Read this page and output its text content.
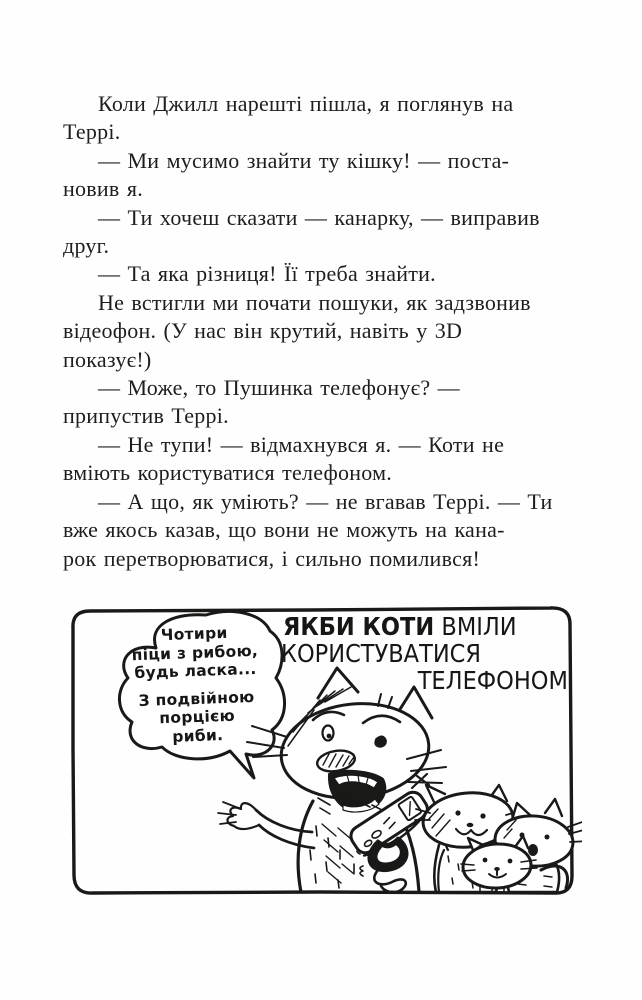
Коли Джилл нарешті пішла, я поглянув на
Террі.
— Ми мусимо знайти ту кішку! — поста-
новив я.
— Ти хочеш сказати — канарку, — виправив
друг.
— Та яка різниця! Її треба знайти.
Не встигли ми почати пошуки, як задзвонив
відеофон. (У нас він крутий, навіть у 3D
показує!)
— Може, то Пушинка телефонує? —
припустив Террі.
— Не тупи! — відмахнувся я. — Коти не
вміють користуватися телефоном.
— А що, як уміють? — не вгавав Террі. — Ти
вже якось казав, що вони не можуть на кана-
рок перетворюватися, і сильно помилився!
ЯКБИ КОТИ ВМІЛИ
КОРИСТУВАТИСЯ
ТЕЛЕФОНОМ
Чотири
піци з рибою,
будь ласка...
З подвійною
порцією
риби.
